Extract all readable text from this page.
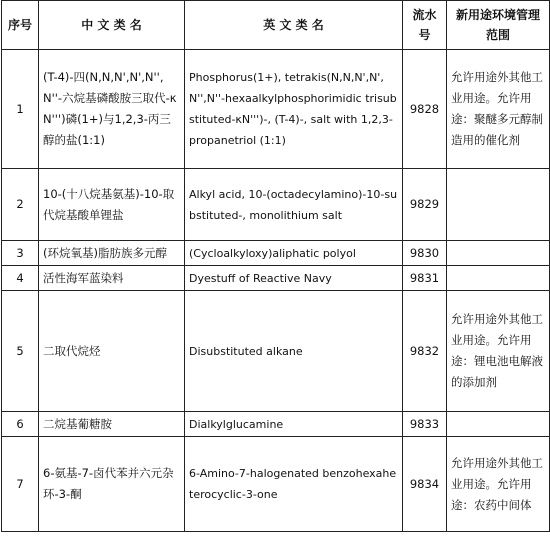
序号	中 文 类 名	英 文 类 名	流水号	新用途环境管理范围
1	(T-4)-四(N,N,N',N',N'',N''-六烷基磷酸胺三取代-κN''')磷(1+)与1,2,3-丙三醇的盐(1:1)	Phosphorus(1+), tetrakis(N,N,N',N',N'',N''-hexaalkylphosphorimidic trisubstituted-κN''')-, (T-4)-, salt with 1,2,3-propanetriol (1:1)	9828	允许用途外其他工业用途。允许用途：聚醚多元醇制造用的催化剂
2	10-(十八烷基氨基)-10-取代烷基酸单锂盐	Alkyl acid, 10-(octadecylamino)-10-substituted-, monolithium salt	9829	
3	(环烷氧基)脂肪族多元醇	(Cycloalkyloxy)aliphatic polyol	9830	
4	活性海军蓝染料	Dyestuff of Reactive Navy	9831	
5	二取代烷烃	Disubstituted alkane	9832	允许用途外其他工业用途。允许用途：锂电池电解液的添加剂
6	二烷基葡糖胺	Dialkylglucamine	9833	
7	6-氨基-7-卤代苯并六元杂环-3-酮	6-Amino-7-halogenated benzohexaheterocyclic-3-one	9834	允许用途外其他工业用途。允许用途：农药中间体
